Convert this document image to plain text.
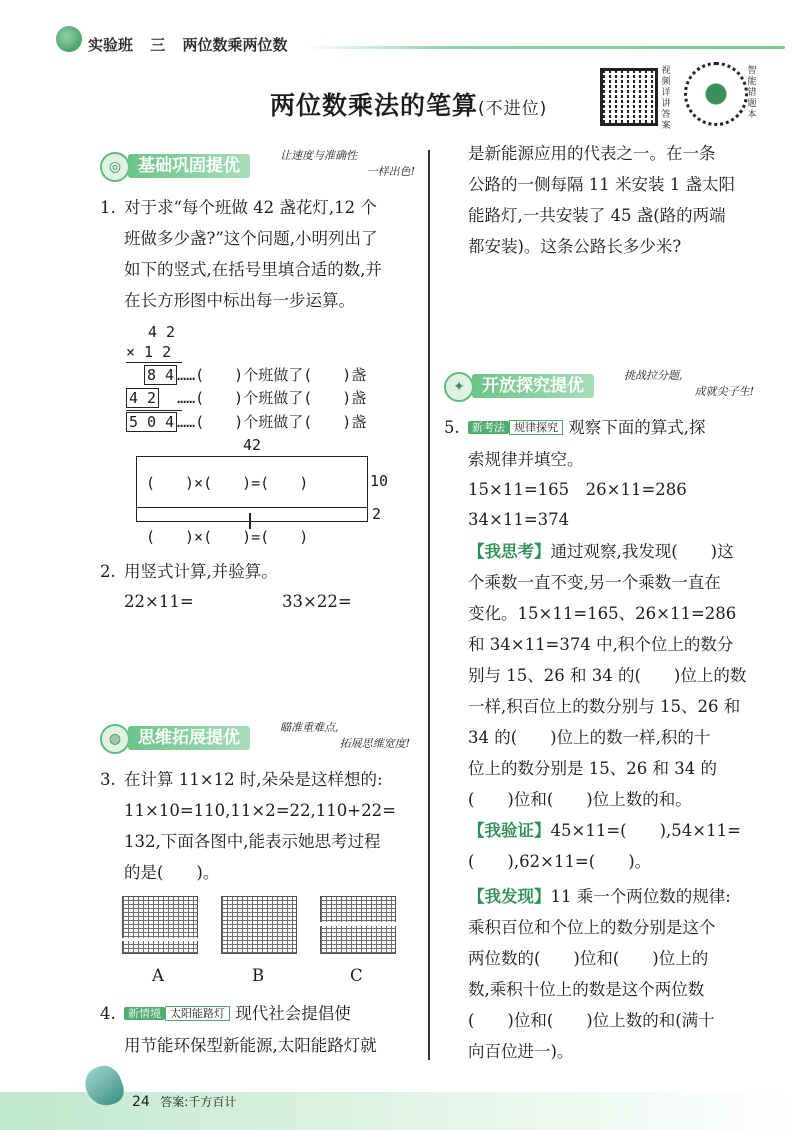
实验班 三 两位数乘两位数
两位数乘法的笔算(不进位)
视频详讲答案
智能错题本
◎ 基础巩固提优
让速度与准确性
一样出色!
1. 对于求“每个班做 42 盏花灯,12 个
班做多少盏?”这个问题,小明列出了
如下的竖式,在括号里填合适的数,并
在长方形图中标出每一步运算。
4 2
× 1 2
8 4 ……(　　)个班做了(　　)盏
4 2 ……(　　)个班做了(　　)盏
5 0 4 ……(　　)个班做了(　　)盏
42
(　　)×(　　)=(　　)	10
2
(　　)×(　　)=(　　)
2. 用竖式计算,并验算。
22×11=	33×22=
◍ 思维拓展提优
瞄准重难点,
拓展思维宽度!
3. 在计算 11×12 时,朵朵是这样想的:
11×10=110,11×2=22,110+22=
132,下面各图中,能表示她思考过程
的是(　　)。
A	B	C
4.	新情境 太阳能路灯 现代社会提倡使
用节能环保型新能源,太阳能路灯就
是新能源应用的代表之一。在一条
公路的一侧每隔 11 米安装 1 盏太阳
能路灯,一共安装了 45 盏(路的两端
都安装)。这条公路长多少米?
✦	开放探究提优
挑战拉分题,
成就尖子生!
5.	新考法 规律探究 观察下面的算式,探
索规律并填空。
15×11=165　26×11=286
34×11=374
【我思考】通过观察,我发现(　　)这
个乘数一直不变,另一个乘数一直在
变化。15×11=165、26×11=286
和 34×11=374 中,积个位上的数分
别与 15、26 和 34 的(　　)位上的数
一样,积百位上的数分别与 15、26 和
34 的(　　)位上的数一样,积的十
位上的数分别是 15、26 和 34 的
(　　)位和(　　)位上数的和。
【我验证】45×11=(　　),54×11=
(　　),62×11=(　　)。
【我发现】11 乘一个两位数的规律:
乘积百位和个位上的数分别是这个
两位数的(　　)位和(　　)位上的
数,乘积十位上的数是这个两位数
(　　)位和(　　)位上数的和(满十
向百位进一)。
24 答案:千方百计
